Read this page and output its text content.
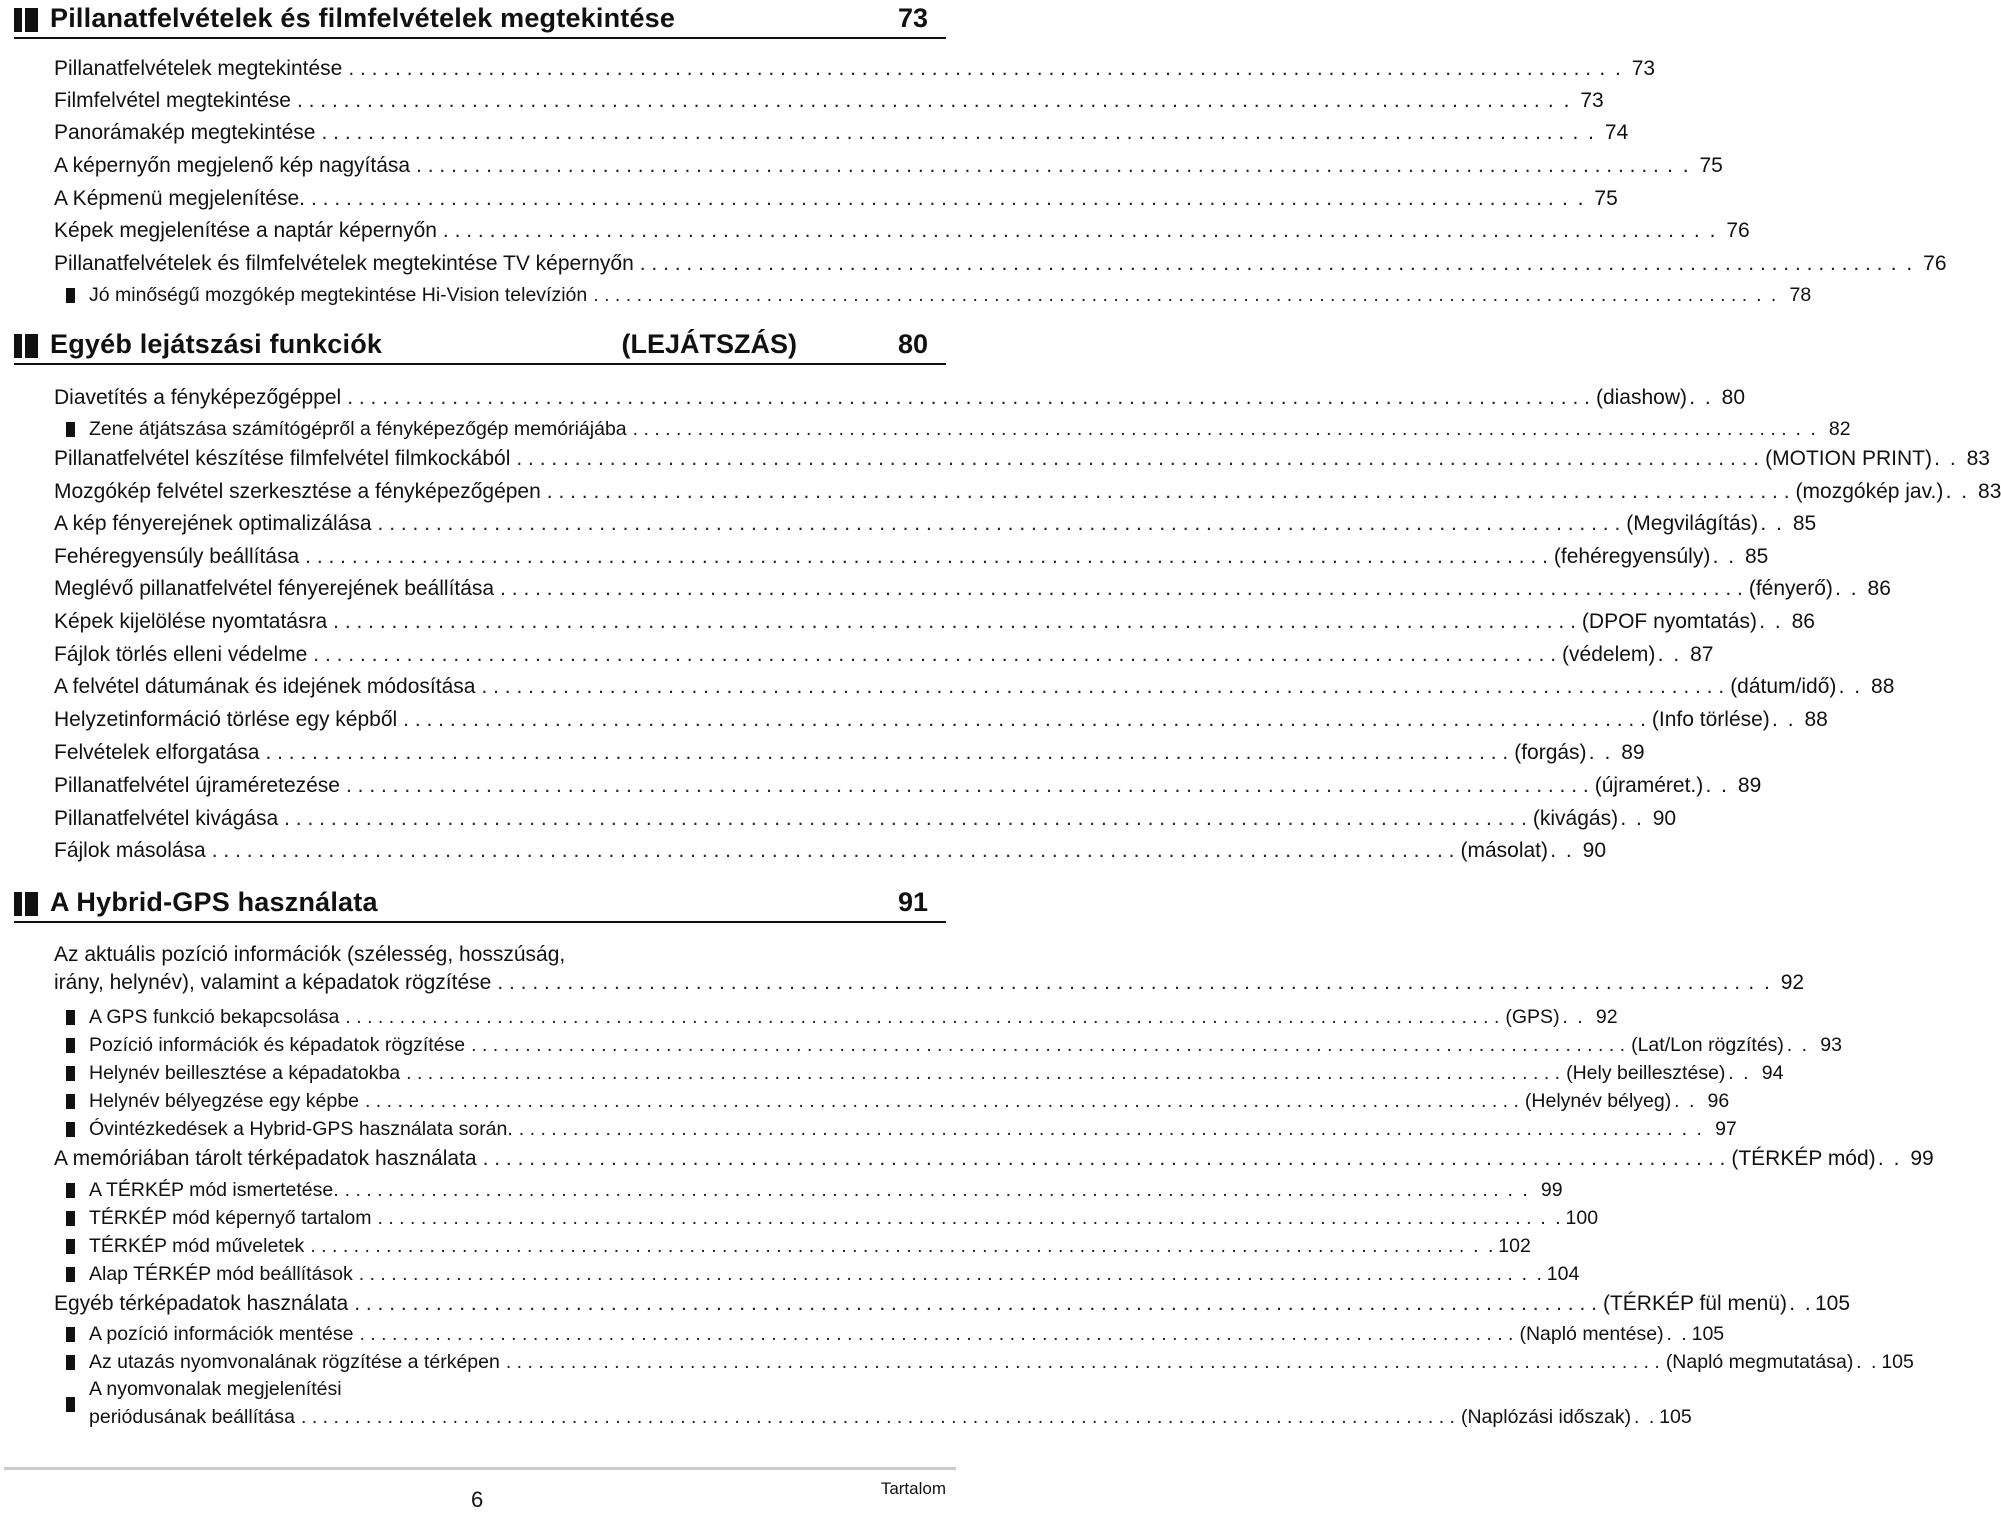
Pillanatfelvételek és filmfelvételek megtekintése	73
Pillanatfelvételek megtekintése . . .	. . 73
Filmfelvétel megtekintése . . .	. . 73
Panorámakép megtekintése . . .	. . 74
A képernyőn megjelenő kép nagyítása . . .	. . 75
A Képmenü megjelenítése. . . .	. . 75
Képek megjelenítése a naptár képernyőn . . .	. . 76
Pillanatfelvételek és filmfelvételek megtekintése TV képernyőn . . .	. . 76
Jó minőségű mozgókép megtekintése Hi-Vision televízión . . .	. . 78
Egyéb lejátszási funkciók	(LEJÁTSZÁS)	80
Diavetítés a fényképezőgéppel . . .	(diashow) . . 80
Zene átjátszása számítógépről a fényképezőgép memóriájába . . .	. . 82
Pillanatfelvétel készítése filmfelvétel filmkockából . . .	(MOTION PRINT) . . 83
Mozgókép felvétel szerkesztése a fényképezőgépen . . .	(mozgókép jav.) . . 83
A kép fényerejének optimalizálása . . .	(Megvilágítás) . . 85
Fehéregyensúly beállítása . . .	(fehéregyensúly) . . 85
Meglévő pillanatfelvétel fényerejének beállítása . . .	(fényerő) . . 86
Képek kijelölése nyomtatásra . . .	(DPOF nyomtatás) . . 86
Fájlok törlés elleni védelme . . .	(védelem) . . 87
A felvétel dátumának és idejének módosítása . . .	(dátum/idő) . . 88
Helyzetinformáció törlése egy képből . . .	(Info törlése) . . 88
Felvételek elforgatása . . .	(forgás) . . 89
Pillanatfelvétel újraméretezése . . .	(újraméret.) . . 89
Pillanatfelvétel kivágása . . .	(kivágás) . . 90
Fájlok másolása . . .	(másolat) . . 90
A Hybrid-GPS használata	91
Az aktuális pozíció információk (szélesség, hosszúság,
irány, helynév), valamint a képadatok rögzítése . . .	. . 92
A GPS funkció bekapcsolása . . .	(GPS) . . 92
Pozíció információk és képadatok rögzítése . . .	(Lat/Lon rögzítés) . . 93
Helynév beillesztése a képadatokba . . .	(Hely beillesztése) . . 94
Helynév bélyegzése egy képbe . . .	(Helynév bélyeg) . . 96
Óvintézkedések a Hybrid-GPS használata során. . . .	. . 97
A memóriában tárolt térképadatok használata . . .	(TÉRKÉP mód) . . 99
A TÉRKÉP mód ismertetése. . . .	. . 99
TÉRKÉP mód képernyő tartalom . . .	. . 100
TÉRKÉP mód műveletek . . .	. . 102
Alap TÉRKÉP mód beállítások . . .	. . 104
Egyéb térképadatok használata . . .	(TÉRKÉP fül menü) . . 105
A pozíció információk mentése . . .	(Napló mentése) . . 105
Az utazás nyomvonalának rögzítése a térképen . . .	(Napló megmutatása) . . 105
A nyomvonalak megjelenítési
periódusának beállítása . . .	(Naplózási időszak) . . 105
6	Tartalom
